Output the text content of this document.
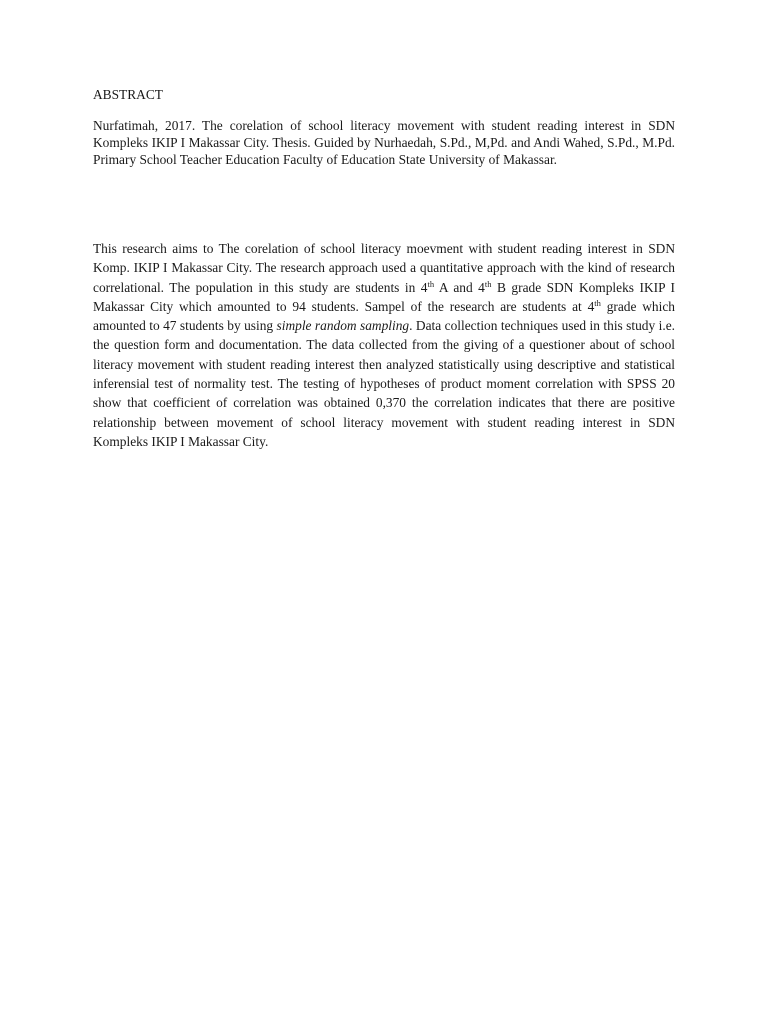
ABSTRACT

Nurfatimah, 2017. The corelation of school literacy movement with student reading interest in SDN Kompleks IKIP I Makassar City. Thesis. Guided by Nurhaedah, S.Pd., M,Pd. and Andi Wahed, S.Pd., M.Pd. Primary School Teacher Education Faculty of Education State University of Makassar.

This research aims to The corelation of school literacy moevment with student reading interest in SDN Komp. IKIP I Makassar City. The research approach used a quantitative approach with the kind of research correlational. The population in this study are students in 4th A and 4th B grade SDN Kompleks IKIP I Makassar City which amounted to 94 students. Sampel of the research are students at 4th grade which amounted to 47 students by using simple random sampling. Data collection techniques used in this study i.e. the question form and documentation. The data collected from the giving of a questioner about of school literacy movement with student reading interest then analyzed statistically using descriptive and statistical inferensial test of normality test. The testing of hypotheses of product moment correlation with SPSS 20 show that coefficient of correlation was obtained 0,370 the correlation indicates that there are positive relationship between movement of school literacy movement with student reading interest in SDN Kompleks IKIP I Makassar City.
